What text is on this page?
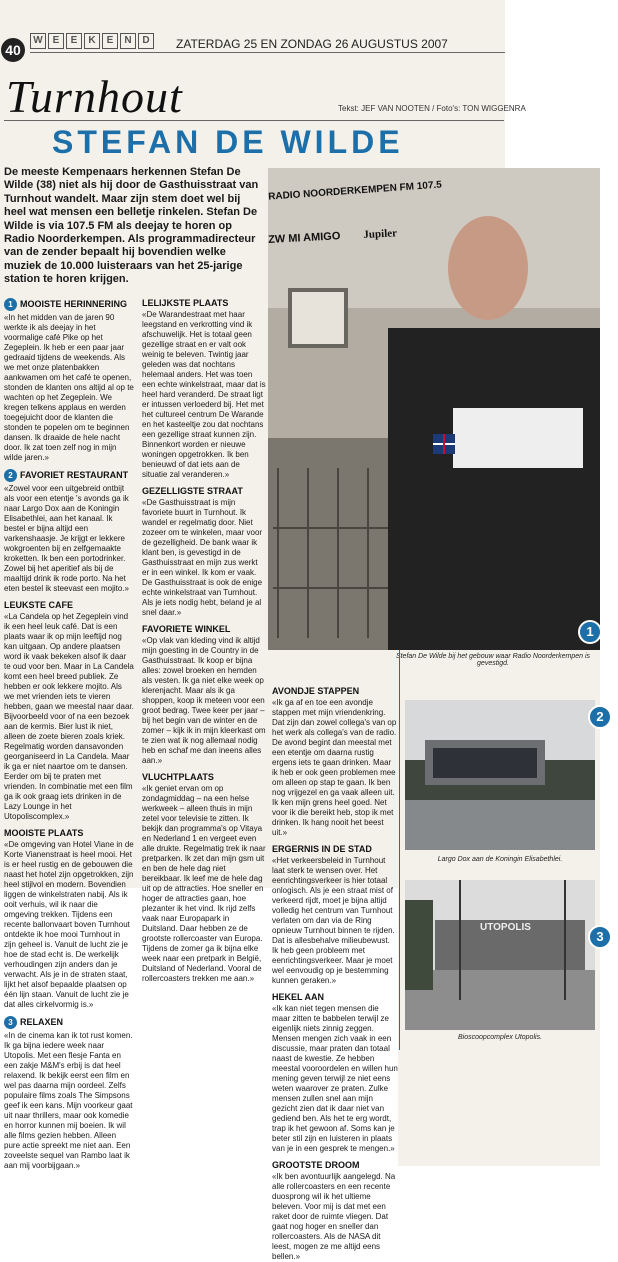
40
W E	E	K	E	N	D	ZATERDAG 25 EN ZONDAG 26 AUGUSTUS 2007
Turnhout	Tekst: JEF VAN NOOTEN / Foto's: TON WIGGENRA
STEFAN DE WILDE
De meeste Kempenaars herkennen Stefan De Wilde (38) niet als hij door de Gasthuisstraat van Turnhout wandelt. Maar zijn stem doet wel bij heel wat mensen een belletje rinkelen. Stefan De Wilde is via 107.5 FM als deejay te horen op Radio Noorderkempen. Als programmadirecteur van de zender bepaalt hij bovendien welke muziek de 10.000 luisteraars van het 25-jarige station te horen krijgen.
1 MOOISTE HERINNERING

«In het midden van de jaren 90 werkte ik als deejay in het voormalige café Pike op het Zegeplein. Ik heb er een paar jaar gedraaid tijdens de weekends. Als we met onze platenbakken aankwamen om het café te openen, stonden de klanten ons altijd al op te wachten op het Zegeplein. We kregen telkens applaus en werden toegejuicht door de klanten die stonden te popelen om te beginnen dansen. Ik draaide de hele nacht door. Ik zat toen zelf nog in mijn wilde jaren.»

2 FAVORIET RESTAURANT

«Zowel voor een uitgebreid ontbijt als voor een etentje 's avonds ga ik naar Largo Dox aan de Koningin Elisabethlei, aan het kanaal. Ik bestel er bijna altijd een varkenshaasje. Je krijgt er lekkere wokgroenten bij en zelfgemaakte kroketten. Ik ben een portodrinker. Zowel bij het aperitief als bij de maaltijd drink ik rode porto. Na het eten bestel ik steevast een mojito.»

LEUKSTE CAFE

«La Candela op het Zegeplein vind ik een heel leuk café. Dat is een plaats waar ik op mijn leeftijd nog kan uitgaan. Op andere plaatsen word ik vaak bekeken alsof ik daar te oud voor ben. Maar in La Candela komt een heel breed publiek. Ze hebben er ook lekkere mojito. Als we met vrienden iets te vieren hebben, gaan we meestal naar daar. Bijvoorbeeld voor of na een bezoek aan de kermis. Bier lust ik niet, alleen de zoete bieren zoals kriek. Regelmatig worden dansavonden georganiseerd in La Candela. Maar ik ga er niet naartoe om te dansen. Eerder om bij te praten met vrienden. In combinatie met een film ga ik ook graag iets drinken in de Lazy Lounge in het Utopoliscomplex.»

MOOISTE PLAATS

«De omgeving van Hotel Viane in de Korte Vianenstraat is heel mooi. Het is er heel rustig en de gebouwen die naast het hotel zijn opgetrokken, zijn heel stijlvol en modern. Bovendien liggen de winkelstraten nabij. Als ik ooit verhuis, wil ik naar die omgeving trekken. Tijdens een recente ballonvaart boven Turnhout ontdekte ik hoe mooi Turnhout in zijn geheel is. Vanuit de lucht zie je hoe de stad echt is. De werkelijk verhoudingen zijn anders dan je verwacht. Als je in de straten staat, lijkt het alsof bepaalde plaatsen op één lijn staan. Vanuit de lucht zie je dat alles cirkelvormig is.»

3 RELAXEN

«In de cinema kan ik tot rust komen. Ik ga bijna iedere week naar Utopolis. Met een flesje Fanta en een zakje M&M's erbij is dat heel relaxend. Ik bekijk eerst een film en wel pas daarna mijn oordeel. Zelfs populaire films zoals The Simpsons geef ik een kans. Mijn voorkeur gaat uit naar thrillers, maar ook komedie en horror kunnen mij boeien. Ik wil alle films gezien hebben. Alleen pure actie spreekt me niet aan. Een zoveelste sequel van Rambo laat ik aan mij voorbijgaan.»

LELIJKSTE PLAATS

«De Warandestraat met haar leegstand en verkrotting vind ik afschuwelijk. Het is totaal geen gezellige straat en er valt ook weinig te beleven. Twintig jaar geleden was dat nochtans helemaal anders. Het was toen een echte winkelstraat, maar dat is heel hard veranderd. De straat ligt er intussen verloederd bij. Het met het cultureel centrum De Warande en het kasteeltje zou dat nochtans een gezellige straat kunnen zijn. Binnenkort worden er nieuwe woningen opgetrokken. Ik ben benieuwd of dat iets aan de situatie zal veranderen.»

GEZELLIGSTE STRAAT

«De Gasthuisstraat is mijn favoriete buurt in Turnhout. Ik wandel er regelmatig door. Niet zozeer om te winkelen, maar voor de gezelligheid. De bank waar ik klant ben, is gevestigd in de Gasthuisstraat en mijn zus werkt er in een winkel. Ik kom er vaak. De Gasthuisstraat is ook de enige echte winkelstraat van Turnhout. Als je iets nodig hebt, beland je al snel daar.»

FAVORIETE WINKEL

«Op vlak van kleding vind ik altijd mijn goesting in de Country in de Gasthuisstraat. Ik koop er bijna alles: zowel broeken en hemden als vesten. Ik ga niet elke week op klerenjacht. Maar als ik ga shoppen, koop ik meteen voor een groot bedrag. Twee keer per jaar – bij het begin van de winter en de zomer – kijk ik in mijn kleerkast om te zien wat ik nog allemaal nodig heb en schaf me dan ineens alles aan.»

VLUCHTPLAATS

«Ik geniet ervan om op zondagmiddag – na een helse werkweek – alleen thuis in mijn zetel voor televisie te zitten. Ik bekijk dan programma's op Vitaya en Nederland 1 en vergeet even alle drukte. Regelmatig trek ik naar pretparken. Ik zet dan mijn gsm uit en ben de hele dag niet bereikbaar. Ik leef me de hele dag uit op de attracties. Hoe sneller en hoger de attracties gaan, hoe plezanter ik het vind. Ik rijd zelfs vaak naar Europapark in Duitsland. Daar hebben ze de grootste rollercoaster van Europa. Tijdens de zomer ga ik bijna elke week naar een pretpark in België, Duitsland of Nederland. Vooral de rollercoasters trekken me aan.»

RADIO NOORDERKEMPEN FM 107.5
ZW MI AMIGO Jupiler
1
Stefan De Wilde bij het gebouw waar Radio Noorderkempen is gevestigd.
AVONDJE STAPPEN

«Ik ga af en toe een avondje stappen met mijn vriendenkring. Dat zijn dan zowel collega's van op het werk als collega's van de radio. De avond begint dan meestal met een etentje om daarna rustig ergens iets te gaan drinken. Maar ik heb er ook geen problemen mee om alleen op stap te gaan. Ik ben nog vrijgezel en ga vaak alleen uit. Ik ken mijn grens heel goed. Net voor ik die bereikt heb, stop ik met drinken. Ik hang nooit het beest uit.»

ERGERNIS IN DE STAD

«Het verkeersbeleid in Turnhout laat sterk te wensen over. Het eenrichtingsverkeer is hier totaal onlogisch. Als je een straat mist of verkeerd rijdt, moet je bijna altijd volledig het centrum van Turnhout verlaten om dan via de Ring opnieuw Turnhout binnen te rijden. Dat is allesbehalve milieubewust. Ik heb geen probleem met eenrichtingsverkeer. Maar je moet wel eenvoudig op je bestemming kunnen geraken.»

HEKEL AAN

«Ik kan niet tegen mensen die maar zitten te babbelen terwijl ze eigenlijk niets zinnig zeggen. Mensen mengen zich vaak in een discussie, maar praten dan totaal naast de kwestie. Ze hebben meestal vooroordelen en willen hun mening geven terwijl ze niet eens weten waarover ze praten. Zulke mensen zullen snel aan mijn gezicht zien dat ik daar niet van gediend ben. Als het te erg wordt, trap ik het gewoon af. Soms kan je beter stil zijn en luisteren in plaats van je in een gesprek te mengen.»

GROOTSTE DROOM

«Ik ben avontuurlijk aangelegd. Na alle rollercoasters en een recente duosprong wil ik het ultieme beleven. Voor mij is dat met een raket door de ruimte vliegen. Dat gaat nog hoger en sneller dan rollercoasters. Als de NASA dit leest, mogen ze me altijd eens bellen.»

2
Largo Dox aan de Koningin Elisabethlei.
UTOPOLIS
3
Bioscoopcomplex Utopolis.
